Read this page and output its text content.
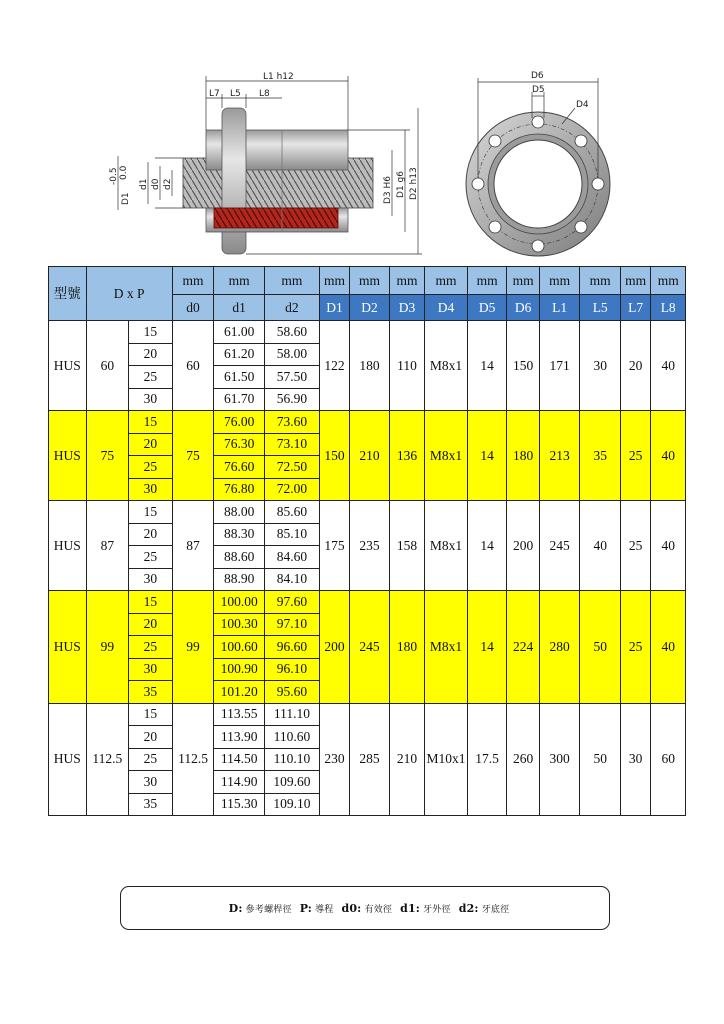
L1 h12
L7 L5 L8
-0.5 0.0
D1
d1 d0 d2	D3 H6 D1 g6 D2 h13
D6
D5
D4
型號	D x P		mm	mm	mm	mm	mm	mm	mm	mm	mm	mm	mm	mm	mm
			d0	d1	d2	D1	D2	D3	D4	D5	D6	L1	L5	L7	L8
HUS	60	15	60	61.00	58.60	122	180	110	M8x1	14	150	171	30	20	40
		20		61.20	58.00										
		25		61.50	57.50										
		30		61.70	56.90										
HUS	75	15	75	76.00	73.60	150	210	136	M8x1	14	180	213	35	25	40
		20		76.30	73.10										
		25		76.60	72.50										
		30		76.80	72.00										
HUS	87	15	87	88.00	85.60	175	235	158	M8x1	14	200	245	40	25	40
		20		88.30	85.10										
		25		88.60	84.60										
		30		88.90	84.10										
HUS	99	15	99	100.00	97.60	200	245	180	M8x1	14	224	280	50	25	40
		20		100.30	97.10										
		25		100.60	96.60										
		30		100.90	96.10										
		35		101.20	95.60										
HUS	112.5	15	112.5	113.55	111.10	230	285	210	M10x1	17.5	260	300	50	30	60
		20		113.90	110.60										
		25		114.50	110.10										
		30		114.90	109.60										
		35		115.30	109.10										
D: 參考螺桿徑 P: 導程 d0: 有效徑 d1: 牙外徑 d2: 牙底徑
